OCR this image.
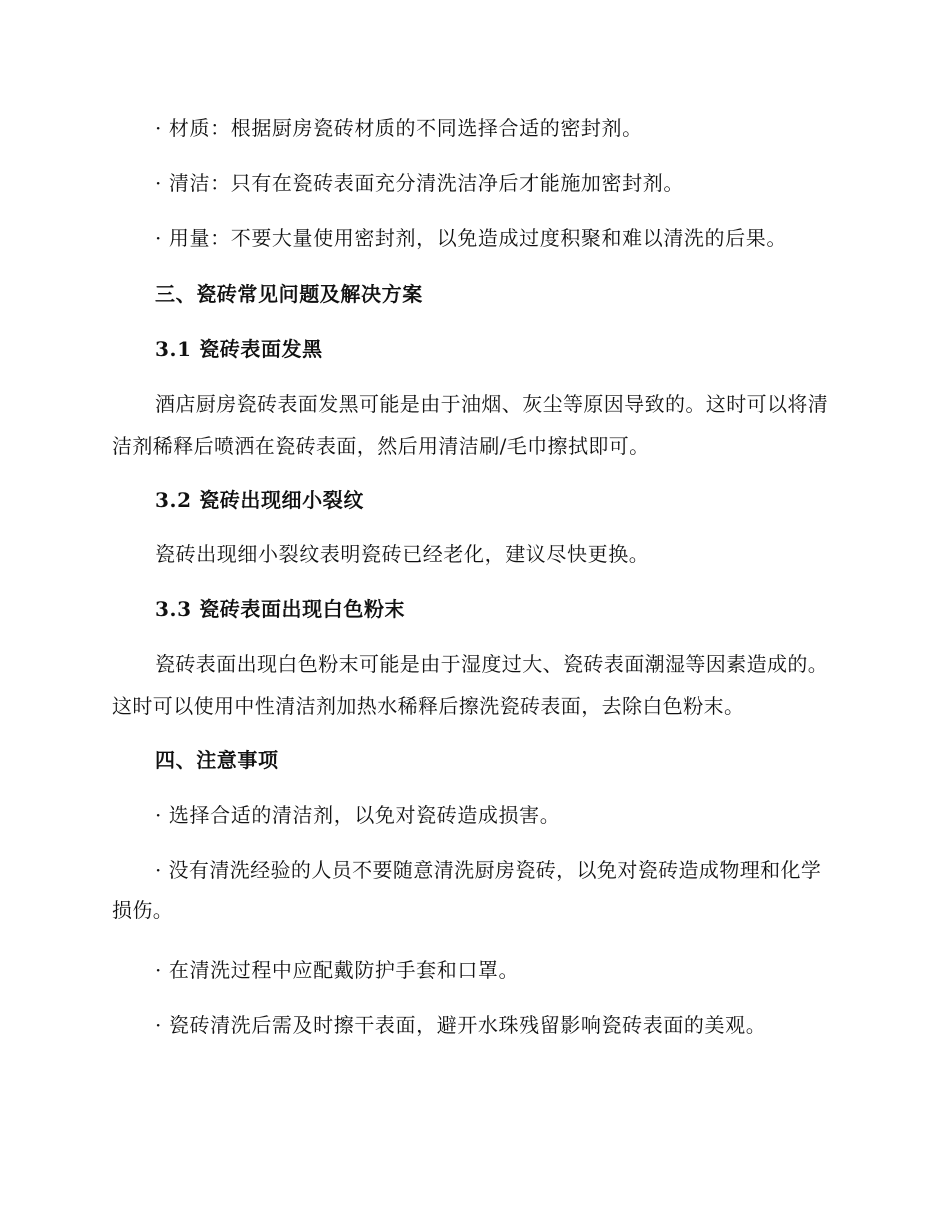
· 材质：根据厨房瓷砖材质的不同选择合适的密封剂。
· 清洁：只有在瓷砖表面充分清洗洁净后才能施加密封剂。
· 用量：不要大量使用密封剂，以免造成过度积聚和难以清洗的后果。
三、瓷砖常见问题及解决方案
3.1 瓷砖表面发黑
酒店厨房瓷砖表面发黑可能是由于油烟、灰尘等原因导致的。这时可以将清洁剂稀释后喷洒在瓷砖表面，然后用清洁刷/毛巾擦拭即可。
3.2 瓷砖出现细小裂纹
瓷砖出现细小裂纹表明瓷砖已经老化，建议尽快更换。
3.3 瓷砖表面出现白色粉末
瓷砖表面出现白色粉末可能是由于湿度过大、瓷砖表面潮湿等因素造成的。这时可以使用中性清洁剂加热水稀释后擦洗瓷砖表面，去除白色粉末。
四、注意事项
· 选择合适的清洁剂，以免对瓷砖造成损害。
· 没有清洗经验的人员不要随意清洗厨房瓷砖，以免对瓷砖造成物理和化学损伤。
· 在清洗过程中应配戴防护手套和口罩。
· 瓷砖清洗后需及时擦干表面，避开水珠残留影响瓷砖表面的美观。
